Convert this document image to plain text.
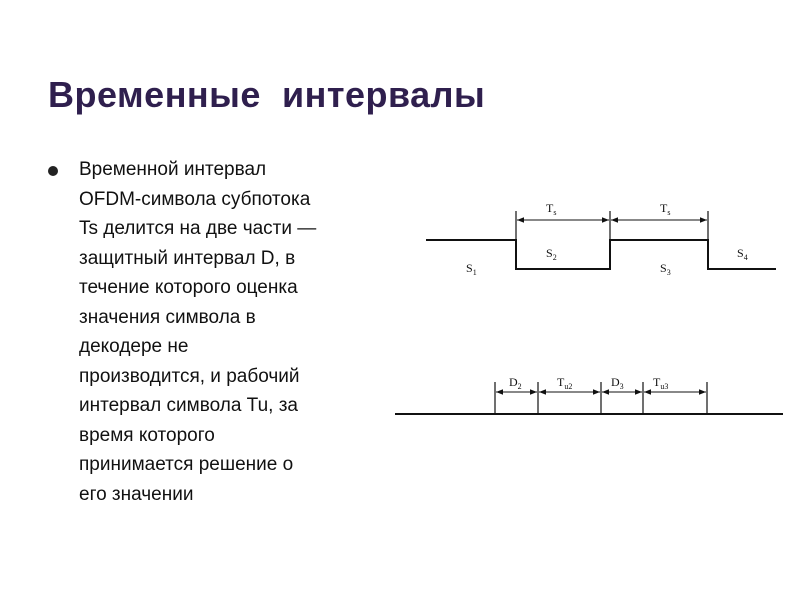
Временные  интервалы
Временной интервал
OFDM-символа субпотока
Ts делится на две части —
защитный интервал D, в
течение которого оценка
значения символа в
декодере не
производится, и рабочий
интервал символа Tu, за
время которого
принимается решение о
его значении
$T_s$	$T_s$
$S_1$
$S_2$
$S_3$
$S_4$
$D_2$	$T_{u2}$	$D_3$ $T_{u3}$
